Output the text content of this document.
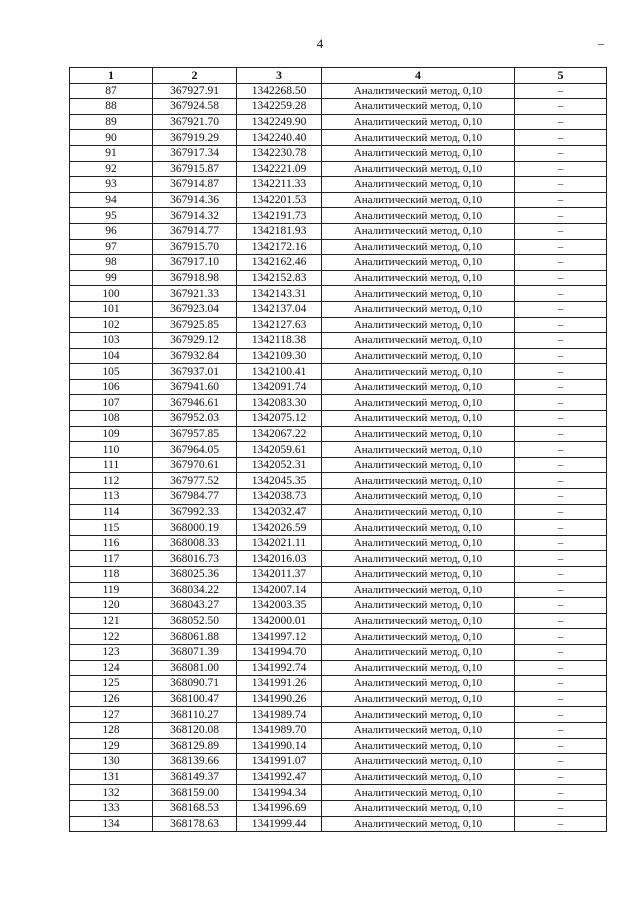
4
1	2	3	4	5
87	367927.91	1342268.50	Аналитический метод, 0,10	–
88	367924.58	1342259.28	Аналитический метод, 0,10	–
89	367921.70	1342249.90	Аналитический метод, 0,10	–
90	367919.29	1342240.40	Аналитический метод, 0,10	–
91	367917.34	1342230.78	Аналитический метод, 0,10	–
92	367915.87	1342221.09	Аналитический метод, 0,10	–
93	367914.87	1342211.33	Аналитический метод, 0,10	–
94	367914.36	1342201.53	Аналитический метод, 0,10	–
95	367914.32	1342191.73	Аналитический метод, 0,10	–
96	367914.77	1342181.93	Аналитический метод, 0,10	–
97	367915.70	1342172.16	Аналитический метод, 0,10	–
98	367917.10	1342162.46	Аналитический метод, 0,10	–
99	367918.98	1342152.83	Аналитический метод, 0,10	–
100	367921.33	1342143.31	Аналитический метод, 0,10	–
101	367923.04	1342137.04	Аналитический метод, 0,10	–
102	367925.85	1342127.63	Аналитический метод, 0,10	–
103	367929.12	1342118.38	Аналитический метод, 0,10	–
104	367932.84	1342109.30	Аналитический метод, 0,10	–
105	367937.01	1342100.41	Аналитический метод, 0,10	–
106	367941.60	1342091.74	Аналитический метод, 0,10	–
107	367946.61	1342083.30	Аналитический метод, 0,10	–
108	367952.03	1342075.12	Аналитический метод, 0,10	–
109	367957.85	1342067.22	Аналитический метод, 0,10	–
110	367964.05	1342059.61	Аналитический метод, 0,10	–
111	367970.61	1342052.31	Аналитический метод, 0,10	–
112	367977.52	1342045.35	Аналитический метод, 0,10	–
113	367984.77	1342038.73	Аналитический метод, 0,10	–
114	367992.33	1342032.47	Аналитический метод, 0,10	–
115	368000.19	1342026.59	Аналитический метод, 0,10	–
116	368008.33	1342021.11	Аналитический метод, 0,10	–
117	368016.73	1342016.03	Аналитический метод, 0,10	–
118	368025.36	1342011.37	Аналитический метод, 0,10	–
119	368034.22	1342007.14	Аналитический метод, 0,10	–
120	368043.27	1342003.35	Аналитический метод, 0,10	–
121	368052.50	1342000.01	Аналитический метод, 0,10	–
122	368061.88	1341997.12	Аналитический метод, 0,10	–
123	368071.39	1341994.70	Аналитический метод, 0,10	–
124	368081.00	1341992.74	Аналитический метод, 0,10	–
125	368090.71	1341991.26	Аналитический метод, 0,10	–
126	368100.47	1341990.26	Аналитический метод, 0,10	–
127	368110.27	1341989.74	Аналитический метод, 0,10	–
128	368120.08	1341989.70	Аналитический метод, 0,10	–
129	368129.89	1341990.14	Аналитический метод, 0,10	–
130	368139.66	1341991.07	Аналитический метод, 0,10	–
131	368149.37	1341992.47	Аналитический метод, 0,10	–
132	368159.00	1341994.34	Аналитический метод, 0,10	–
133	368168.53	1341996.69	Аналитический метод, 0,10	–
134	368178.63	1341999.44	Аналитический метод, 0,10	–
